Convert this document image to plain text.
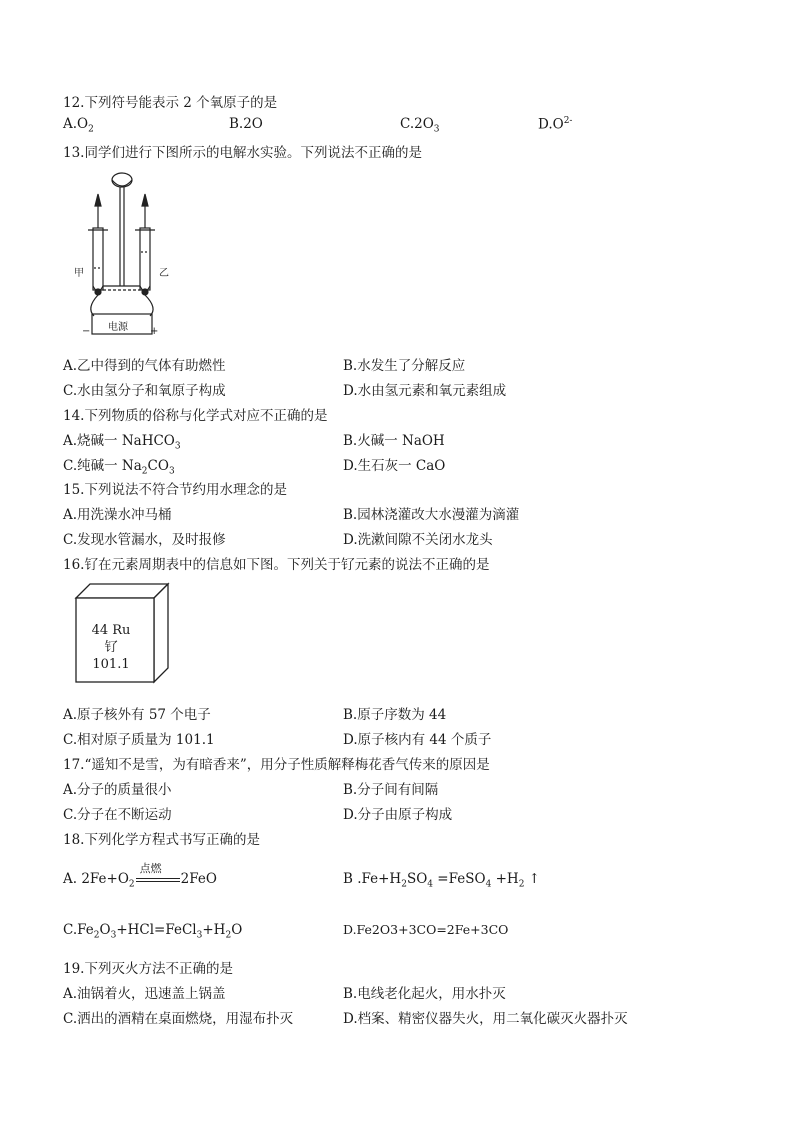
12.下列符号能表示 2 个氧原子的是
$A.O_2$	B.2O	$C.2O_3$	$D.O^{2-}$
13.同学们进行下图所示的电解水实验。下列说法不正确的是
甲	乙
电源
−	+
A.乙中得到的气体有助燃性	B.水发生了分解反应
C.水由氢分子和氧原子构成	D.水由氢元素和氧元素组成
14.下列物质的俗称与化学式对应不正确的是
A.烧碱一 NaHCO$_3$	B.火碱一 NaOH
C.纯碱一 $Na_2CO_3$	D.生石灰一 CaO
15.下列说法不符合节约用水理念的是
A.用洗澡水冲马桶	B.园林浇灌改大水漫灌为滴灌
C.发现水管漏水，及时报修	D.洗漱间隙不关闭水龙头
16.钌在元素周期表中的信息如下图。下列关于钌元素的说法不正确的是
44 Ru
钌
101.1
A.原子核外有 57 个电子	B.原子序数为 44
C.相对原子质量为 101.1	D.原子核内有 44 个质子
17.“遥知不是雪，为有暗香来”，用分子性质解释梅花香气传来的原因是
A.分子的质量很小	B.分子间有间隔
C.分子在不断运动	D.分子由原子构成
18.下列化学方程式书写正确的是
A. $2Fe+O_2$
点燃
2FeO	B $.Fe+H_2SO_4$ =FeSO$_4$ $+H_2$ ↑
$C.Fe_2O_3+HCl=FeCl_3+H_2O$	D.Fe2O3+3CO=2Fe+3CO
19.下列灭火方法不正确的是
A.油锅着火，迅速盖上锅盖	B.电线老化起火，用水扑灭
C.洒出的酒精在桌面燃烧，用湿布扑灭	D.档案、精密仪器失火，用二氧化碳灭火器扑灭
